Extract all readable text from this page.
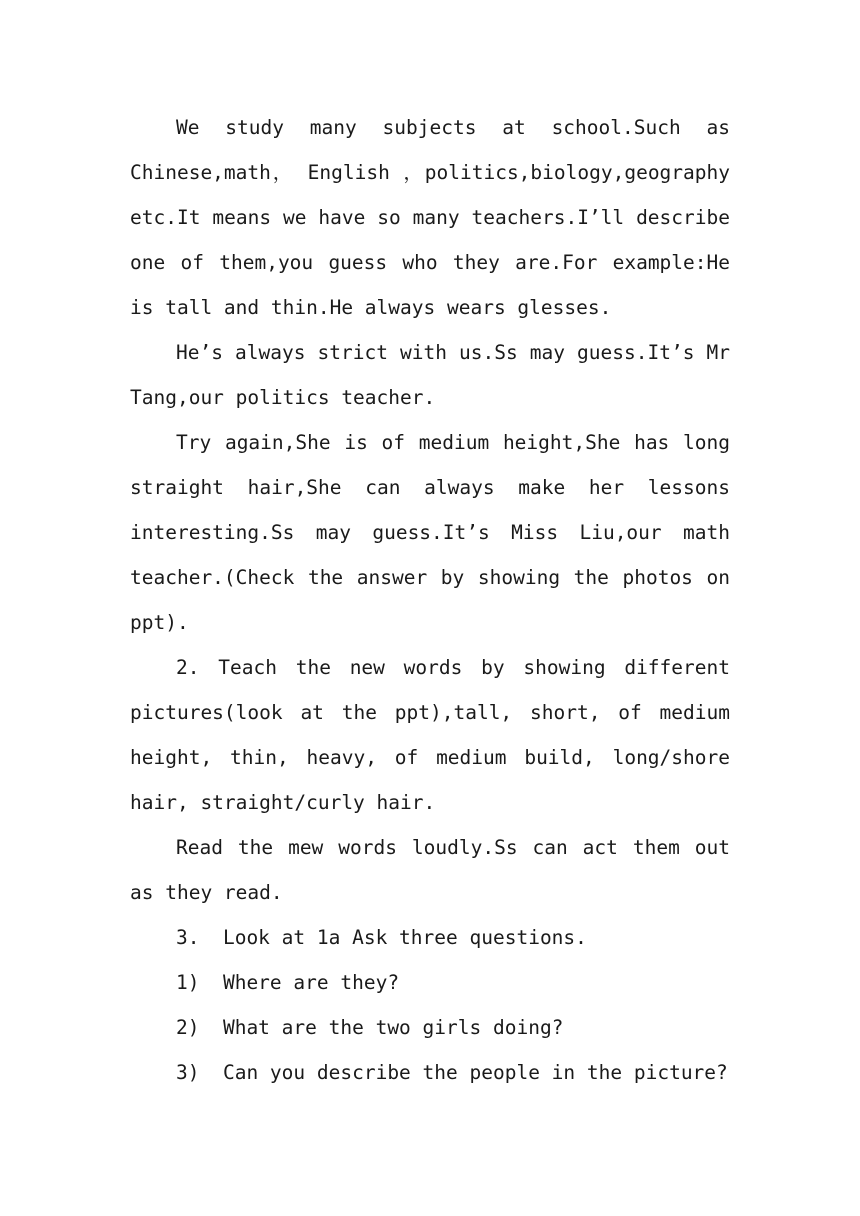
We study many subjects at school.Such as Chinese,math， English ，politics,biology,geography etc.It means we have so many teachers.I’ll describe one of them,you guess who they are.For example:He is tall and thin.He always wears glesses.

He’s always strict with us.Ss may guess.It’s Mr Tang,our politics teacher.

Try again,She is of medium height,She has long straight hair,She can always make her lessons interesting.Ss may guess.It’s Miss Liu,our math teacher.(Check the answer by showing the photos on ppt).

2. Teach the new words by showing different pictures(look at the ppt),tall, short, of medium height, thin, heavy, of medium build, long/shore hair, straight/curly hair.

Read the mew words loudly.Ss can act them out as they read.

3.  Look at 1a Ask three questions.

1)  Where are they?

2)  What are the two girls doing?

3)  Can you describe the people in the picture?
